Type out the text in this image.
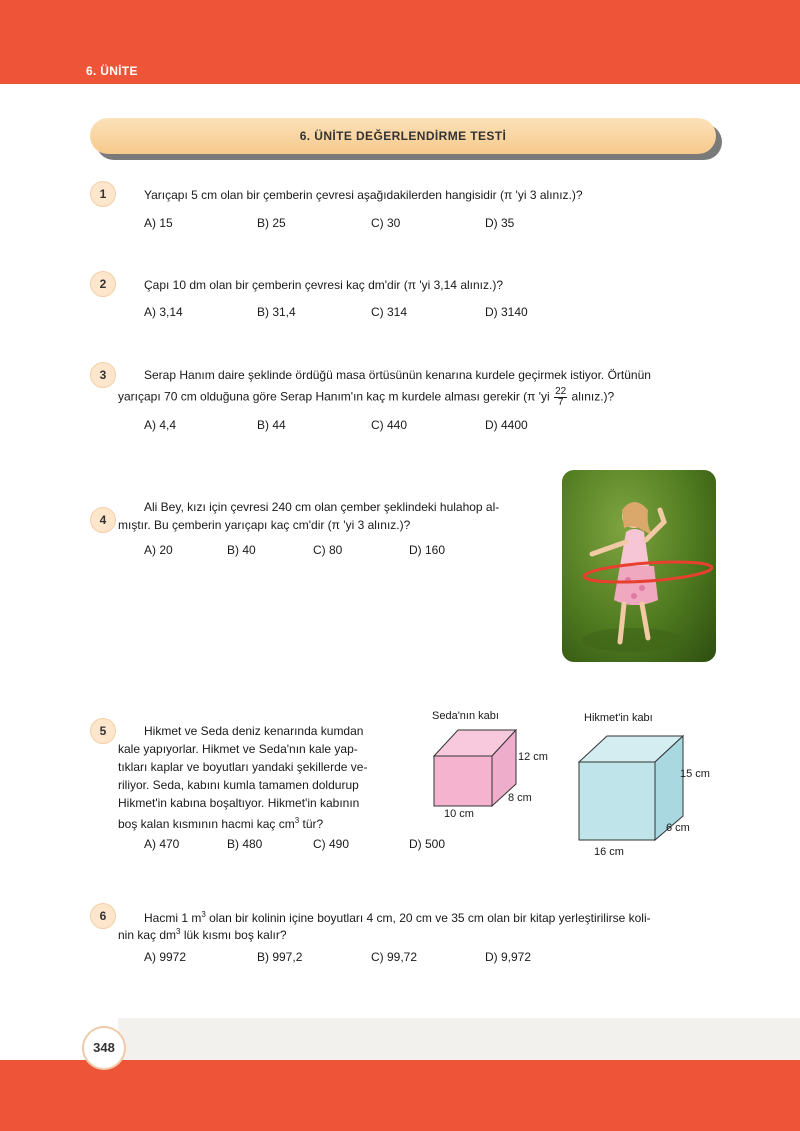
6. ÜNİTE
6. ÜNİTE DEĞERLENDİRME TESTİ
1	Yarıçapı 5 cm olan bir çemberin çevresi aşağıdakilerden hangisidir (π 'yi 3 alınız.)?
A) 15	B) 25	C) 30	D) 35
2	Çapı 10 dm olan bir çemberin çevresi kaç dm'dir (π 'yi 3,14 alınız.)?
A) 3,14	B) 31,4	C) 314	D) 3140
3	Serap Hanım daire şeklinde ördüğü masa örtüsünün kenarına kurdele geçirmek istiyor. Örtünün
yarıçapı 70 cm olduğuna göre Serap Hanım'ın kaç m kurdele alması gerekir (π 'yi $\frac{22}{7}$ alınız.)?
A) 4,4	B) 44	C) 440	D) 4400
4
Ali Bey, kızı için çevresi 240 cm olan çember şeklindeki hulahop al-
mıştır. Bu çemberin yarıçapı kaç cm'dir (π 'yi 3 alınız.)?
A) 20	B) 40	C) 80	D) 160
5	Hikmet ve Seda deniz kenarında kumdan
kale yapıyorlar. Hikmet ve Seda'nın kale yap-
tıkları kaplar ve boyutları yandaki şekillerde ve-
riliyor. Seda, kabını kumla tamamen doldurup
Hikmet'in kabına boşaltıyor. Hikmet'in kabının
boş kalan kısmının hacmi kaç $cm^3$ tür?
A) 470	B) 480	C) 490	D) 500
Seda'nın kabı
12 cm
8 cm
10 cm
Hikmet'in kabı
15 cm
6 cm
16 cm
6	Hacmi 1 $m^3$ olan bir kolinin içine boyutları 4 cm, 20 cm ve 35 cm olan bir kitap yerleştirilirse koli-
nin kaç $dm^3$ lük kısmı boş kalır?
A) 9972	B) 997,2	C) 99,72	D) 9,972
348
